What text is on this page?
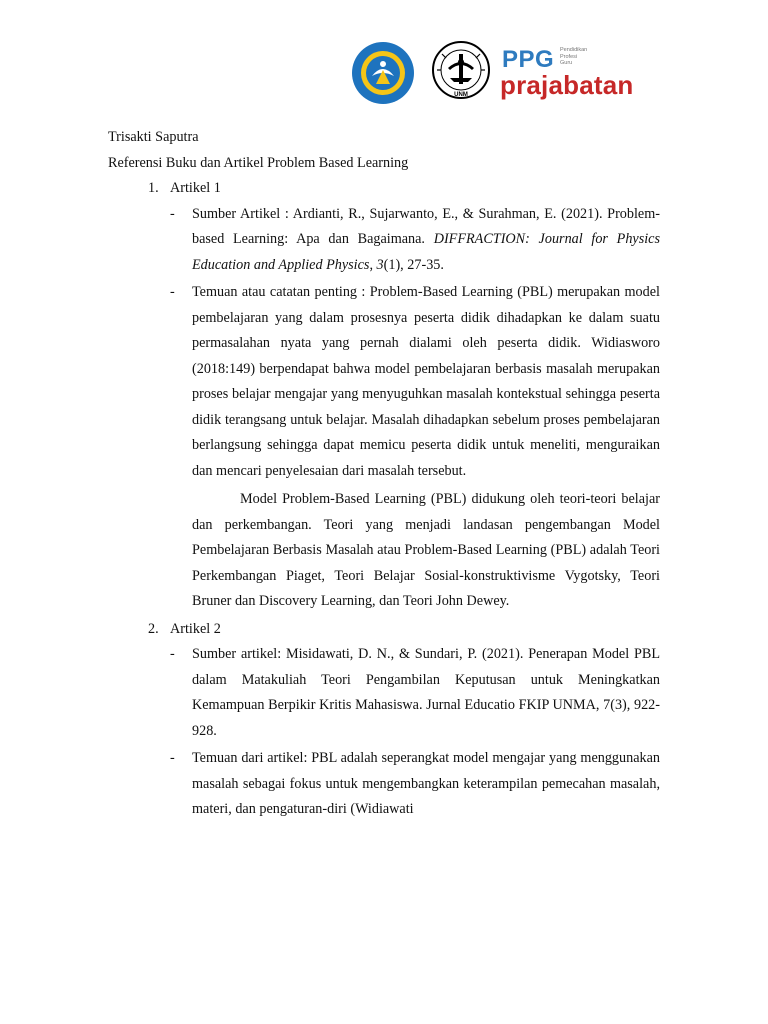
UNM
PPG Pendidikan
Profesi
Guru
prajabatan
Trisakti Saputra
Referensi Buku dan Artikel Problem Based Learning
1. Artikel 1
- Sumber Artikel : Ardianti, R., Sujarwanto, E., & Surahman, E. (2021). Problem-based Learning: Apa dan Bagaimana. DIFFRACTION: Journal for Physics Education and Applied Physics, 3(1), 27-35.
- Temuan atau catatan penting : Problem-Based Learning (PBL) merupakan model pembelajaran yang dalam prosesnya peserta didik dihadapkan ke dalam suatu permasalahan nyata yang pernah dialami oleh peserta didik. Widiasworo (2018:149) berpendapat bahwa model pembelajaran berbasis masalah merupakan proses belajar mengajar yang menyuguhkan masalah kontekstual sehingga peserta didik terangsang untuk belajar. Masalah dihadapkan sebelum proses pembelajaran berlangsung sehingga dapat memicu peserta didik untuk meneliti, menguraikan dan mencari penyelesaian dari masalah tersebut.
Model Problem-Based Learning (PBL) didukung oleh teori-teori belajar dan perkembangan. Teori yang menjadi landasan pengembangan Model Pembelajaran Berbasis Masalah atau Problem-Based Learning (PBL) adalah Teori Perkembangan Piaget, Teori Belajar Sosial-konstruktivisme Vygotsky, Teori Bruner dan Discovery Learning, dan Teori John Dewey.
2. Artikel 2
- Sumber artikel: Misidawati, D. N., & Sundari, P. (2021). Penerapan Model PBL dalam Matakuliah Teori Pengambilan Keputusan untuk Meningkatkan Kemampuan Berpikir Kritis Mahasiswa. Jurnal Educatio FKIP UNMA, 7(3), 922-928.
- Temuan dari artikel: PBL adalah seperangkat model mengajar yang menggunakan masalah sebagai fokus untuk mengembangkan keterampilan pemecahan masalah, materi, dan pengaturan-diri (Widiawati
